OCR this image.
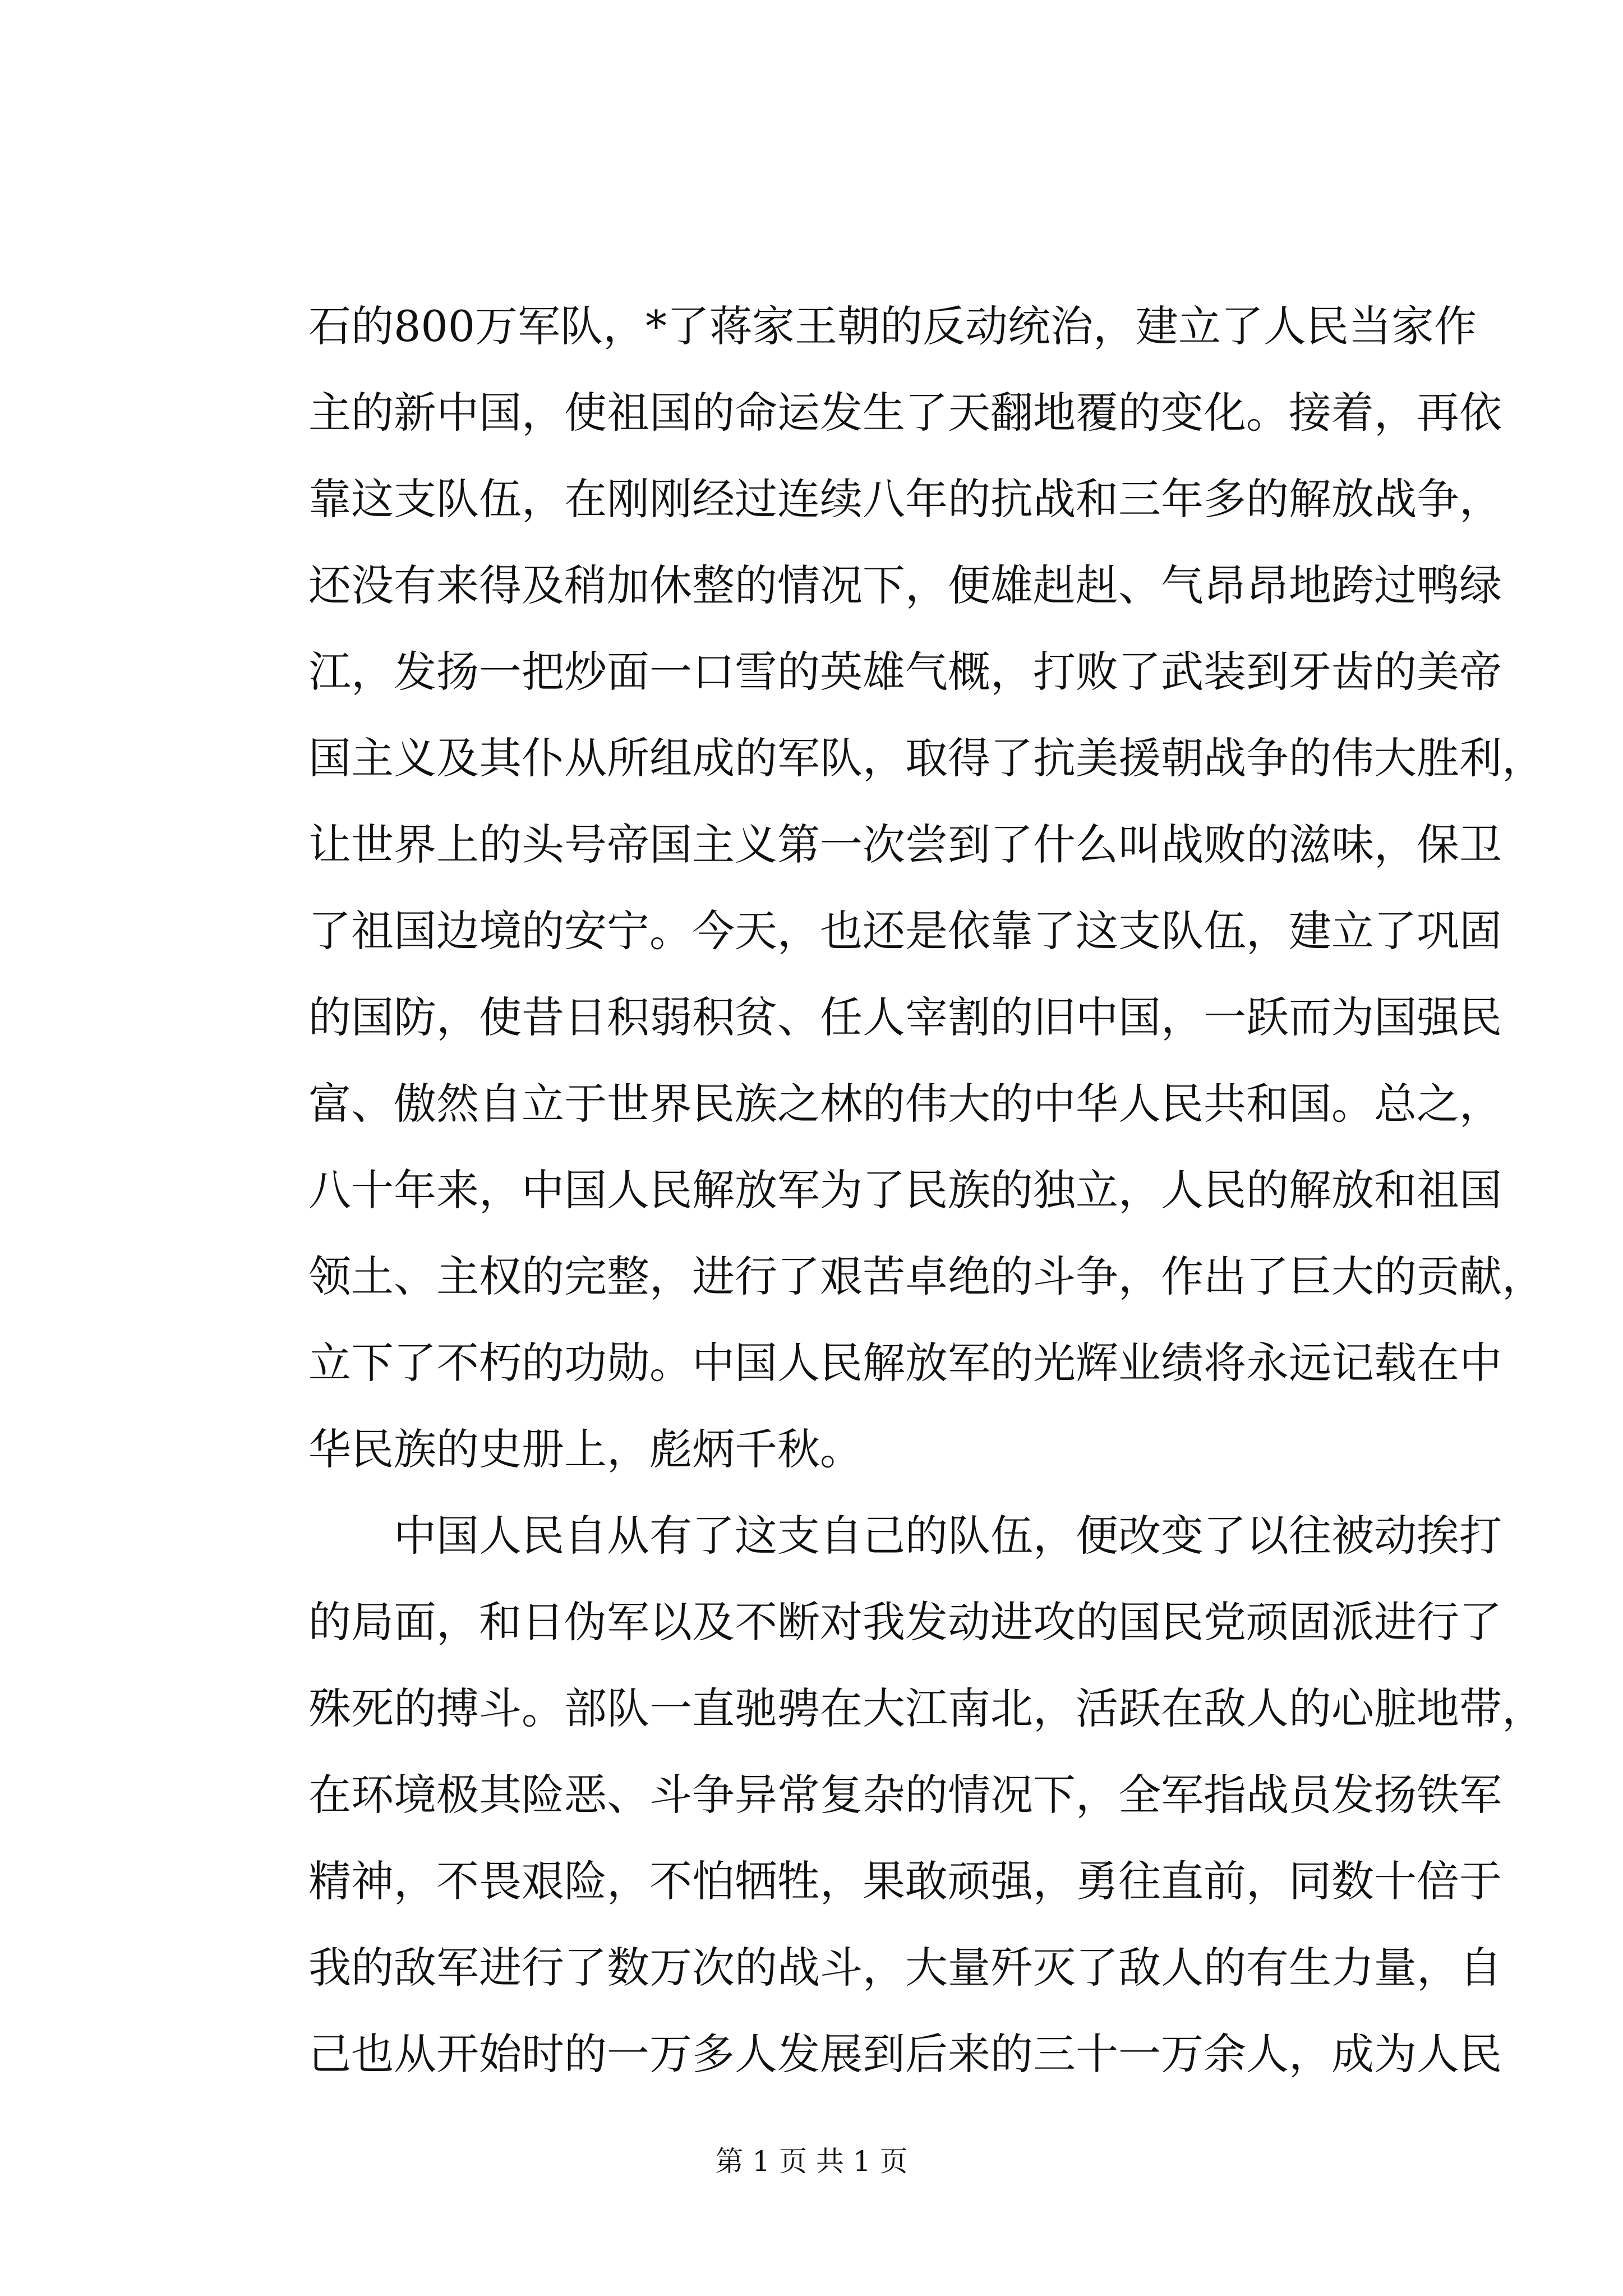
石的800万军队，*了蒋家王朝的反动统治，建立了人民当家作
主的新中国，使祖国的命运发生了天翻地覆的变化。接着，再依
靠这支队伍，在刚刚经过连续八年的抗战和三年多的解放战争，
还没有来得及稍加休整的情况下，便雄赳赳、气昂昂地跨过鸭绿
江，发扬一把炒面一口雪的英雄气概，打败了武装到牙齿的美帝
国主义及其仆从所组成的军队，取得了抗美援朝战争的伟大胜利，
让世界上的头号帝国主义第一次尝到了什么叫战败的滋味，保卫
了祖国边境的安宁。今天，也还是依靠了这支队伍，建立了巩固
的国防，使昔日积弱积贫、任人宰割的旧中国，一跃而为国强民
富、傲然自立于世界民族之林的伟大的中华人民共和国。总之，
八十年来，中国人民解放军为了民族的独立，人民的解放和祖国
领土、主权的完整，进行了艰苦卓绝的斗争，作出了巨大的贡献，
立下了不朽的功勋。中国人民解放军的光辉业绩将永远记载在中
华民族的史册上，彪炳千秋。
中国人民自从有了这支自己的队伍，便改变了以往被动挨打
的局面，和日伪军以及不断对我发动进攻的国民党顽固派进行了
殊死的搏斗。部队一直驰骋在大江南北，活跃在敌人的心脏地带，
在环境极其险恶、斗争异常复杂的情况下，全军指战员发扬铁军
精神，不畏艰险，不怕牺牲，果敢顽强，勇往直前，同数十倍于
我的敌军进行了数万次的战斗，大量歼灭了敌人的有生力量，自
己也从开始时的一万多人发展到后来的三十一万余人，成为人民
第 1 页 共 1 页
